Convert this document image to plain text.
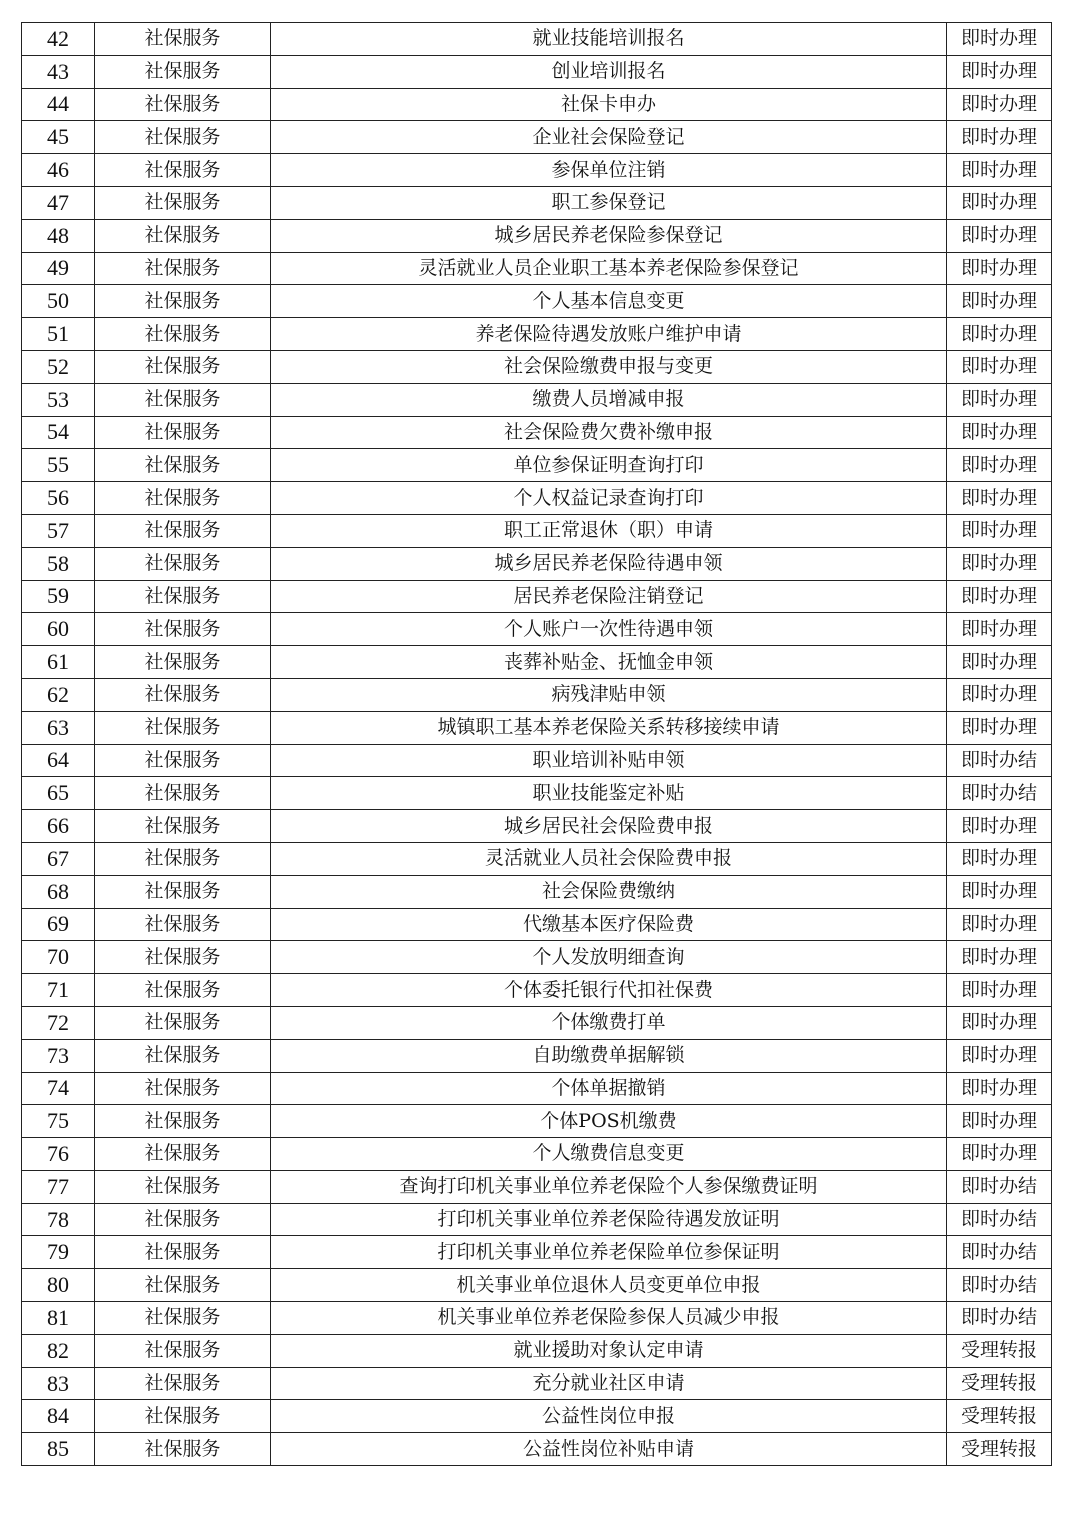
42	社保服务	就业技能培训报名	即时办理
43	社保服务	创业培训报名	即时办理
44	社保服务	社保卡申办	即时办理
45	社保服务	企业社会保险登记	即时办理
46	社保服务	参保单位注销	即时办理
47	社保服务	职工参保登记	即时办理
48	社保服务	城乡居民养老保险参保登记	即时办理
49	社保服务	灵活就业人员企业职工基本养老保险参保登记	即时办理
50	社保服务	个人基本信息变更	即时办理
51	社保服务	养老保险待遇发放账户维护申请	即时办理
52	社保服务	社会保险缴费申报与变更	即时办理
53	社保服务	缴费人员增减申报	即时办理
54	社保服务	社会保险费欠费补缴申报	即时办理
55	社保服务	单位参保证明查询打印	即时办理
56	社保服务	个人权益记录查询打印	即时办理
57	社保服务	职工正常退休（职）申请	即时办理
58	社保服务	城乡居民养老保险待遇申领	即时办理
59	社保服务	居民养老保险注销登记	即时办理
60	社保服务	个人账户一次性待遇申领	即时办理
61	社保服务	丧葬补贴金、抚恤金申领	即时办理
62	社保服务	病残津贴申领	即时办理
63	社保服务	城镇职工基本养老保险关系转移接续申请	即时办理
64	社保服务	职业培训补贴申领	即时办结
65	社保服务	职业技能鉴定补贴	即时办结
66	社保服务	城乡居民社会保险费申报	即时办理
67	社保服务	灵活就业人员社会保险费申报	即时办理
68	社保服务	社会保险费缴纳	即时办理
69	社保服务	代缴基本医疗保险费	即时办理
70	社保服务	个人发放明细查询	即时办理
71	社保服务	个体委托银行代扣社保费	即时办理
72	社保服务	个体缴费打单	即时办理
73	社保服务	自助缴费单据解锁	即时办理
74	社保服务	个体单据撤销	即时办理
75	社保服务	个体POS机缴费	即时办理
76	社保服务	个人缴费信息变更	即时办理
77	社保服务	查询打印机关事业单位养老保险个人参保缴费证明	即时办结
78	社保服务	打印机关事业单位养老保险待遇发放证明	即时办结
79	社保服务	打印机关事业单位养老保险单位参保证明	即时办结
80	社保服务	机关事业单位退休人员变更单位申报	即时办结
81	社保服务	机关事业单位养老保险参保人员减少申报	即时办结
82	社保服务	就业援助对象认定申请	受理转报
83	社保服务	充分就业社区申请	受理转报
84	社保服务	公益性岗位申报	受理转报
85	社保服务	公益性岗位补贴申请	受理转报
